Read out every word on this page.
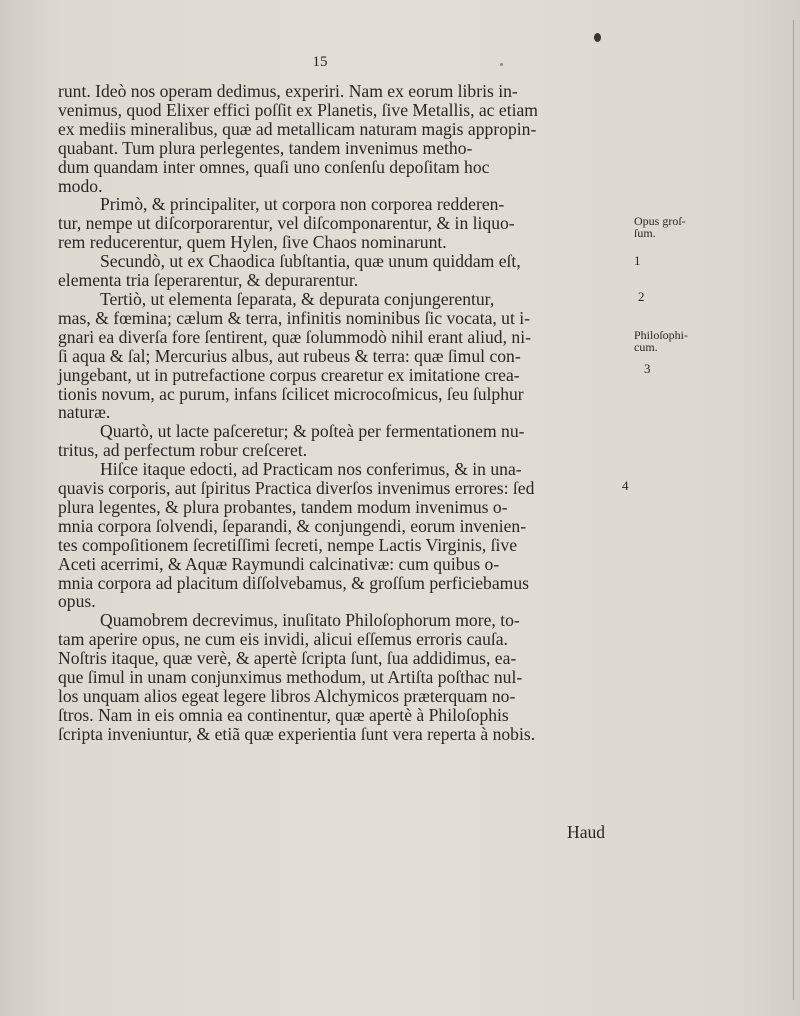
15

runt. Ideò nos operam dedimus, experiri. Nam ex eorum libris in-
venimus, quod Elixer effici poſſit ex Planetis, ſive Metallis, ac etiam
ex mediis mineralibus, quæ ad metallicam naturam magis appropin-
quabant. Tum plura perlegentes, tandem invenimus metho-
dum quandam inter omnes, quaſi uno conſenſu depoſitam hoc
modo.

Primò, & principaliter, ut corpora non corporea redderen-
tur, nempe ut diſcorporarentur, vel diſcomponarentur, & in liquo-
rem reducerentur, quem Hylen, ſive Chaos nominarunt.

Secundò, ut ex Chaodica ſubſtantia, quæ unum quiddam eſt,
elementa tria ſeperarentur, & depurarentur.

Tertiò, ut elementa ſeparata, & depurata conjungerentur,
mas, & fœmina; cælum & terra, infinitis nominibus ſic vocata, ut i-
gnari ea diverſa fore ſentirent, quæ ſolummodò nihil erant aliud, ni-
ſi aqua & ſal; Mercurius albus, aut rubeus & terra: quæ ſimul con-
jungebant, ut in putrefactione corpus crearetur ex imitatione crea-
tionis novum, ac purum, infans ſcilicet microcoſmicus, ſeu ſulphur
naturæ.

Quartò, ut lacte paſceretur; & poſteà per fermentationem nu-
tritus, ad perfectum robur creſceret.

Hiſce itaque edocti, ad Practicam nos conferimus, & in una-
quavis corporis, aut ſpiritus Practica diverſos invenimus errores: ſed
plura legentes, & plura probantes, tandem modum invenimus o-
mnia corpora ſolvendi, ſeparandi, & conjungendi, eorum invenien-
tes compoſitionem ſecretiſſimi ſecreti, nempe Lactis Virginis, ſive
Aceti acerrimi, & Aquæ Raymundi calcinativæ: cum quibus o-
mnia corpora ad placitum diſſolvebamus, & groſſum perficiebamus
opus.

Quamobrem decrevimus, inuſitato Philoſophorum more, to-
tam aperire opus, ne cum eis invidi, alicui eſſemus erroris cauſa.
Noſtris itaque, quæ verè, & apertè ſcripta ſunt, ſua addidimus, ea-
que ſimul in unam conjunximus methodum, ut Artiſta poſthac nul-
los unquam alios egeat legere libros Alchymicos præterquam no-
ſtros. Nam in eis omnia ea continentur, quæ apertè à Philoſophis
ſcripta inveniuntur, & etiã quæ experientia ſunt vera reperta à nobis.

Opus groſ-
ſum.
1
2
Philoſophi-
cum.
3
4
Haud
